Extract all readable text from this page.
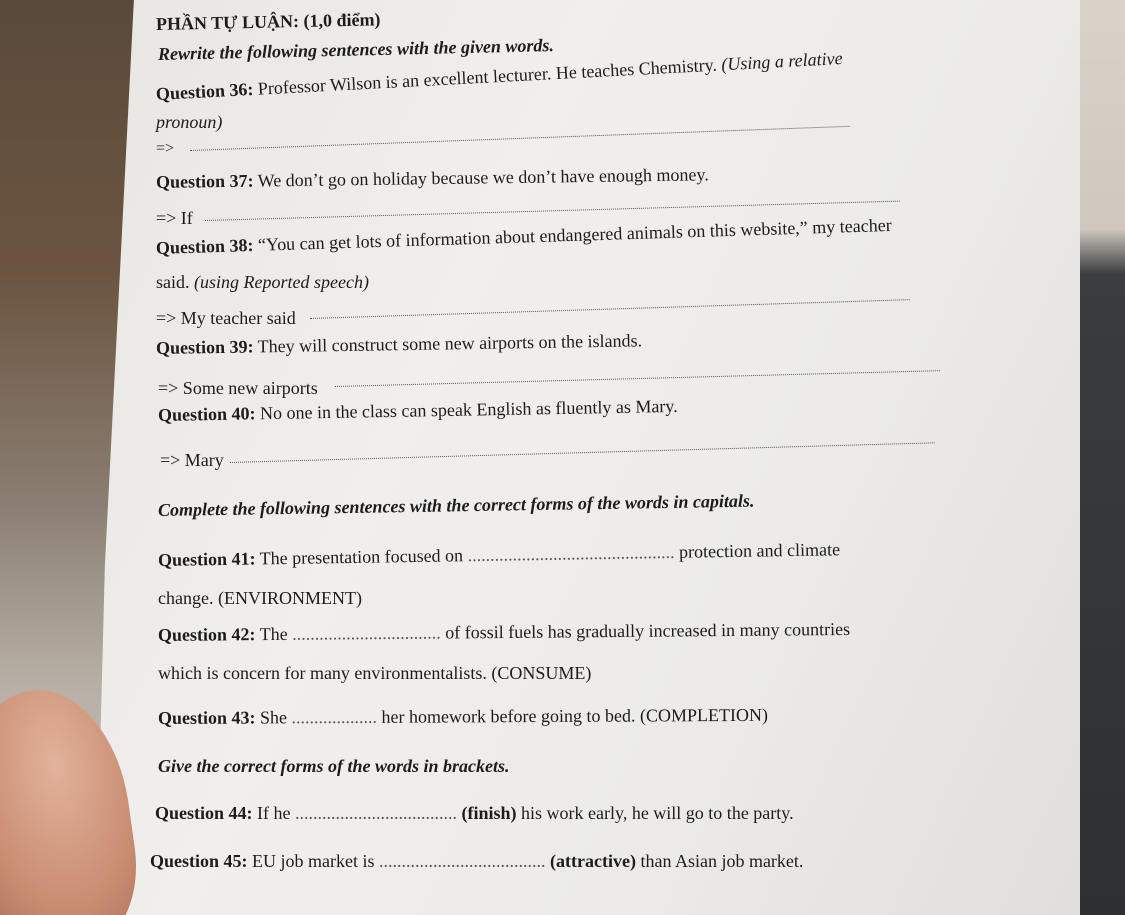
PHẦN TỰ LUẬN: (1,0 điểm)
Rewrite the following sentences with the given words.
Question 36: Professor Wilson is an excellent lecturer. He teaches Chemistry. (Using a relative
pronoun)
=>
Question 37: We don’t go on holiday because we don’t have enough money.
=> If
Question 38: “You can get lots of information about endangered animals on this website,” my teacher
said. (using Reported speech)
=> My teacher said
Question 39: They will construct some new airports on the islands.
=> Some new airports
Question 40: No one in the class can speak English as fluently as Mary.
=> Mary
Complete the following sentences with the correct forms of the words in capitals.
Question 41: The presentation focused on .............................................. protection and climate
change. (ENVIRONMENT)
Question 42: The ................................. of fossil fuels has gradually increased in many countries
which is concern for many environmentalists. (CONSUME)
Question 43: She ................... her homework before going to bed. (COMPLETION)
Give the correct forms of the words in brackets.
Question 44: If he .................................... (finish) his work early, he will go to the party.
Question 45: EU job market is ..................................... (attractive) than Asian job market.
